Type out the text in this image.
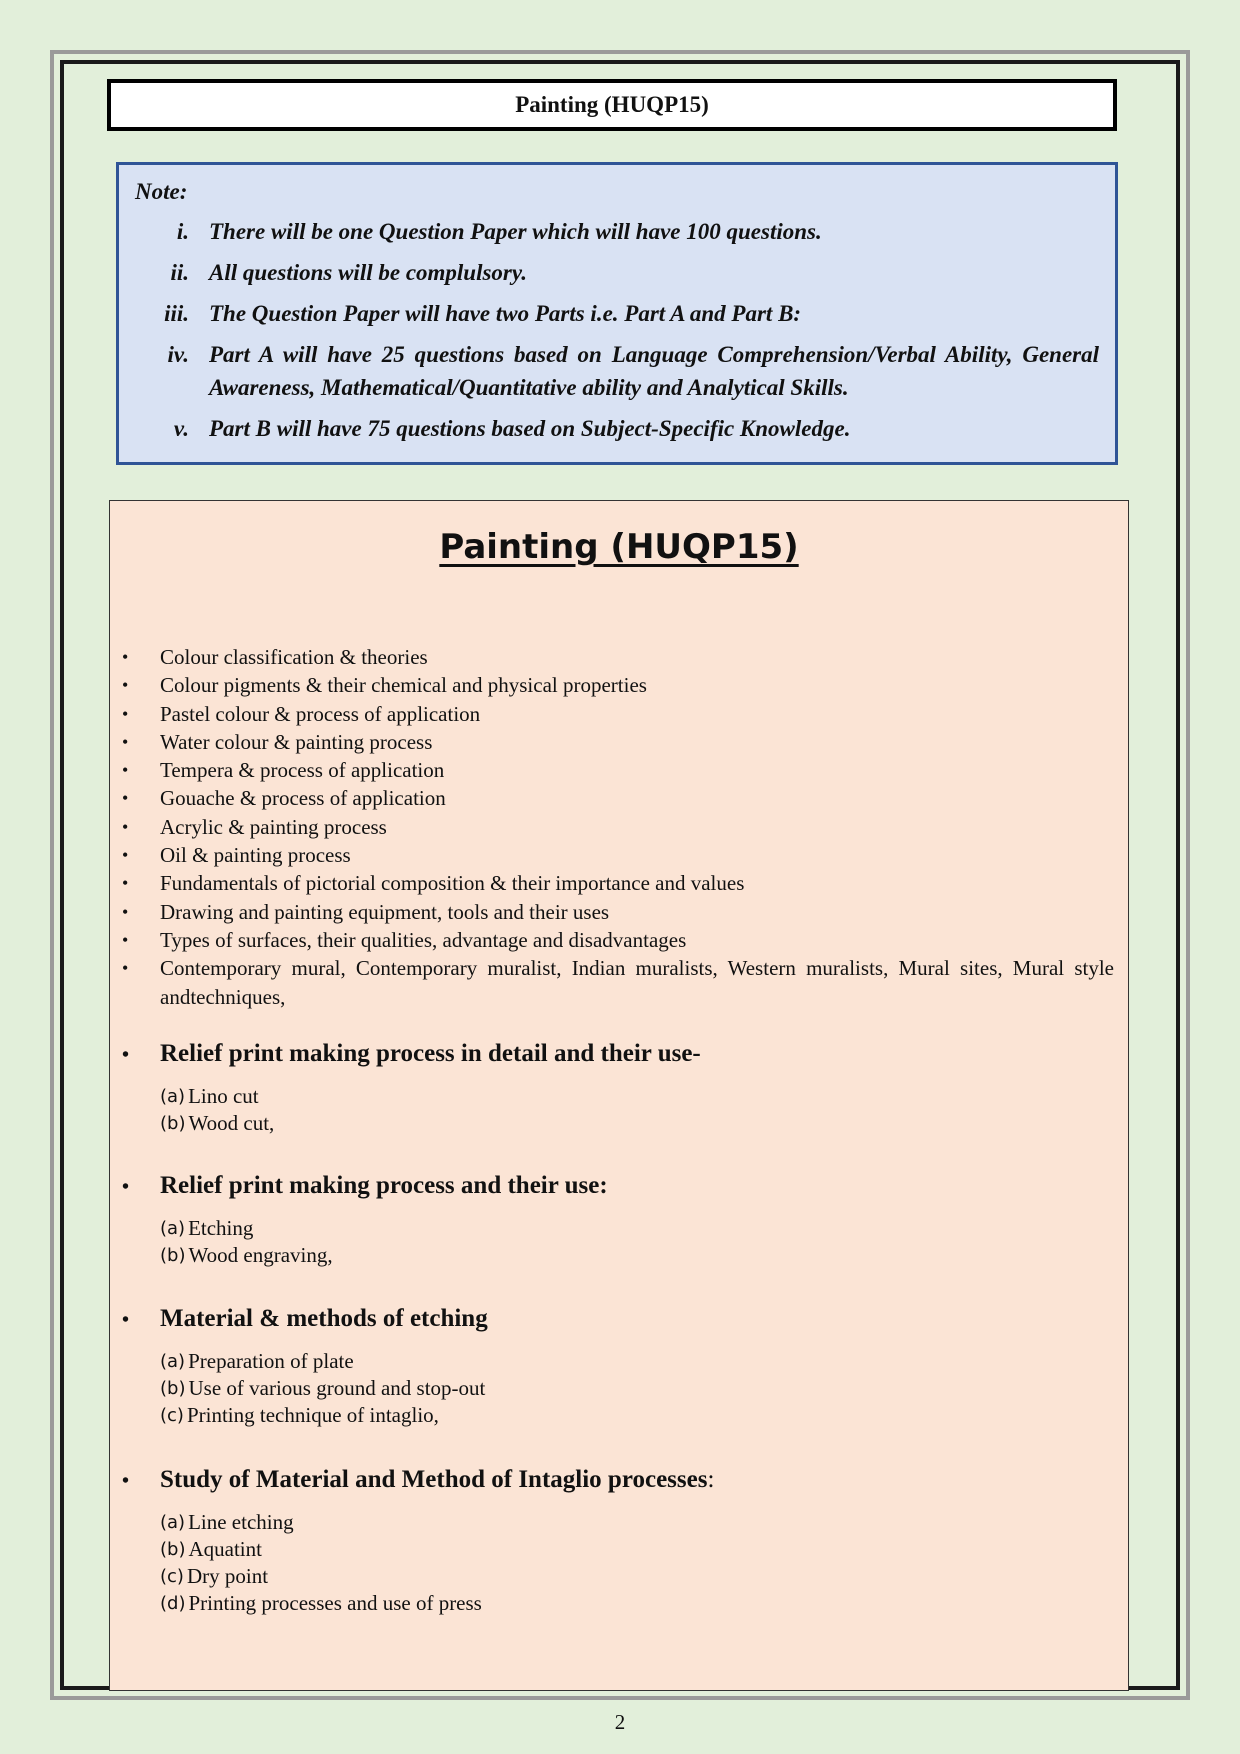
Painting (HUQP15)

Note:

i. There will be one Question Paper which will have 100 questions.
ii. All questions will be complulsory.
iii. The Question Paper will have two Parts i.e. Part A and Part B:
iv. Part A will have 25 questions based on Language Comprehension/Verbal Ability, General Awareness, Mathematical/Quantitative ability and Analytical Skills.
v. Part B will have 75 questions based on Subject-Specific Knowledge.
Painting (HUQP15)
• Colour classification & theories
• Colour pigments & their chemical and physical properties
• Pastel colour & process of application
• Water colour & painting process
• Tempera & process of application
• Gouache & process of application
• Acrylic & painting process
• Oil & painting process
• Fundamentals of pictorial composition & their importance and values
• Drawing and painting equipment, tools and their uses
• Types of surfaces, their qualities, advantage and disadvantages
• Contemporary mural, Contemporary muralist, Indian muralists, Western muralists, Mural sites, Mural style andtechniques,
• Relief print making process in detail and their use-
(a) Lino cut
(b) Wood cut,
• Relief print making process and their use:
(a) Etching
(b) Wood engraving,
• Material & methods of etching
(a) Preparation of plate
(b) Use of various ground and stop-out
(c) Printing technique of intaglio,
• Study of Material and Method of Intaglio processes:
(a) Line etching
(b) Aquatint
(c) Dry point
(d) Printing processes and use of press
2
